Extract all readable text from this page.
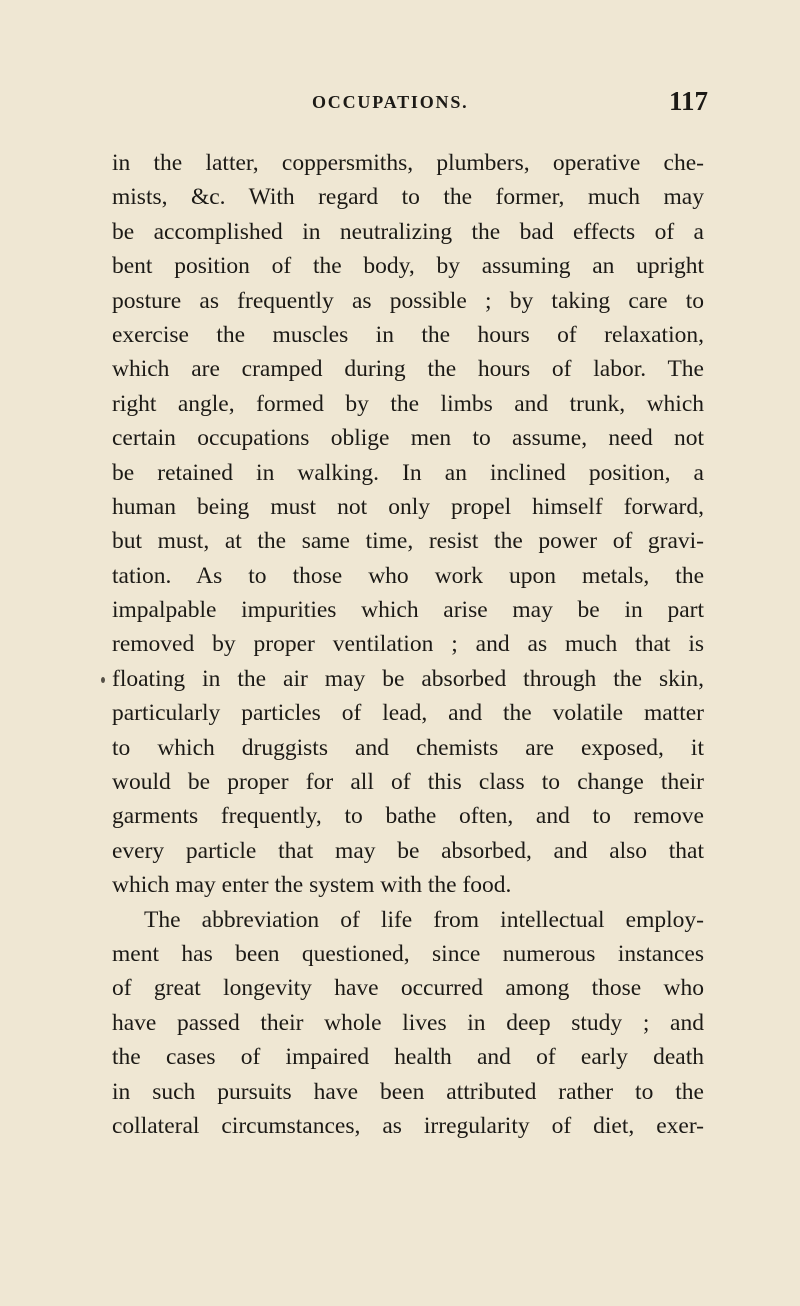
OCCUPATIONS.	117
in the latter, coppersmiths, plumbers, operative che-
mists, &c. With regard to the former, much may
be accomplished in neutralizing the bad effects of a
bent position of the body, by assuming an upright
posture as frequently as possible ; by taking care to
exercise the muscles in the hours of relaxation,
which are cramped during the hours of labor. The
right angle, formed by the limbs and trunk, which
certain occupations oblige men to assume, need not
be retained in walking. In an inclined position, a
human being must not only propel himself forward,
but must, at the same time, resist the power of gravi-
tation. As to those who work upon metals, the
impalpable impurities which arise may be in part
removed by proper ventilation ; and as much that is
floating in the air may be absorbed through the skin,
particularly particles of lead, and the volatile matter
to which druggists and chemists are exposed, it
would be proper for all of this class to change their
garments frequently, to bathe often, and to remove
every particle that may be absorbed, and also that
which may enter the system with the food.
The abbreviation of life from intellectual employ-
ment has been questioned, since numerous instances
of great longevity have occurred among those who
have passed their whole lives in deep study ; and
the cases of impaired health and of early death
in such pursuits have been attributed rather to the
collateral circumstances, as irregularity of diet, exer-
